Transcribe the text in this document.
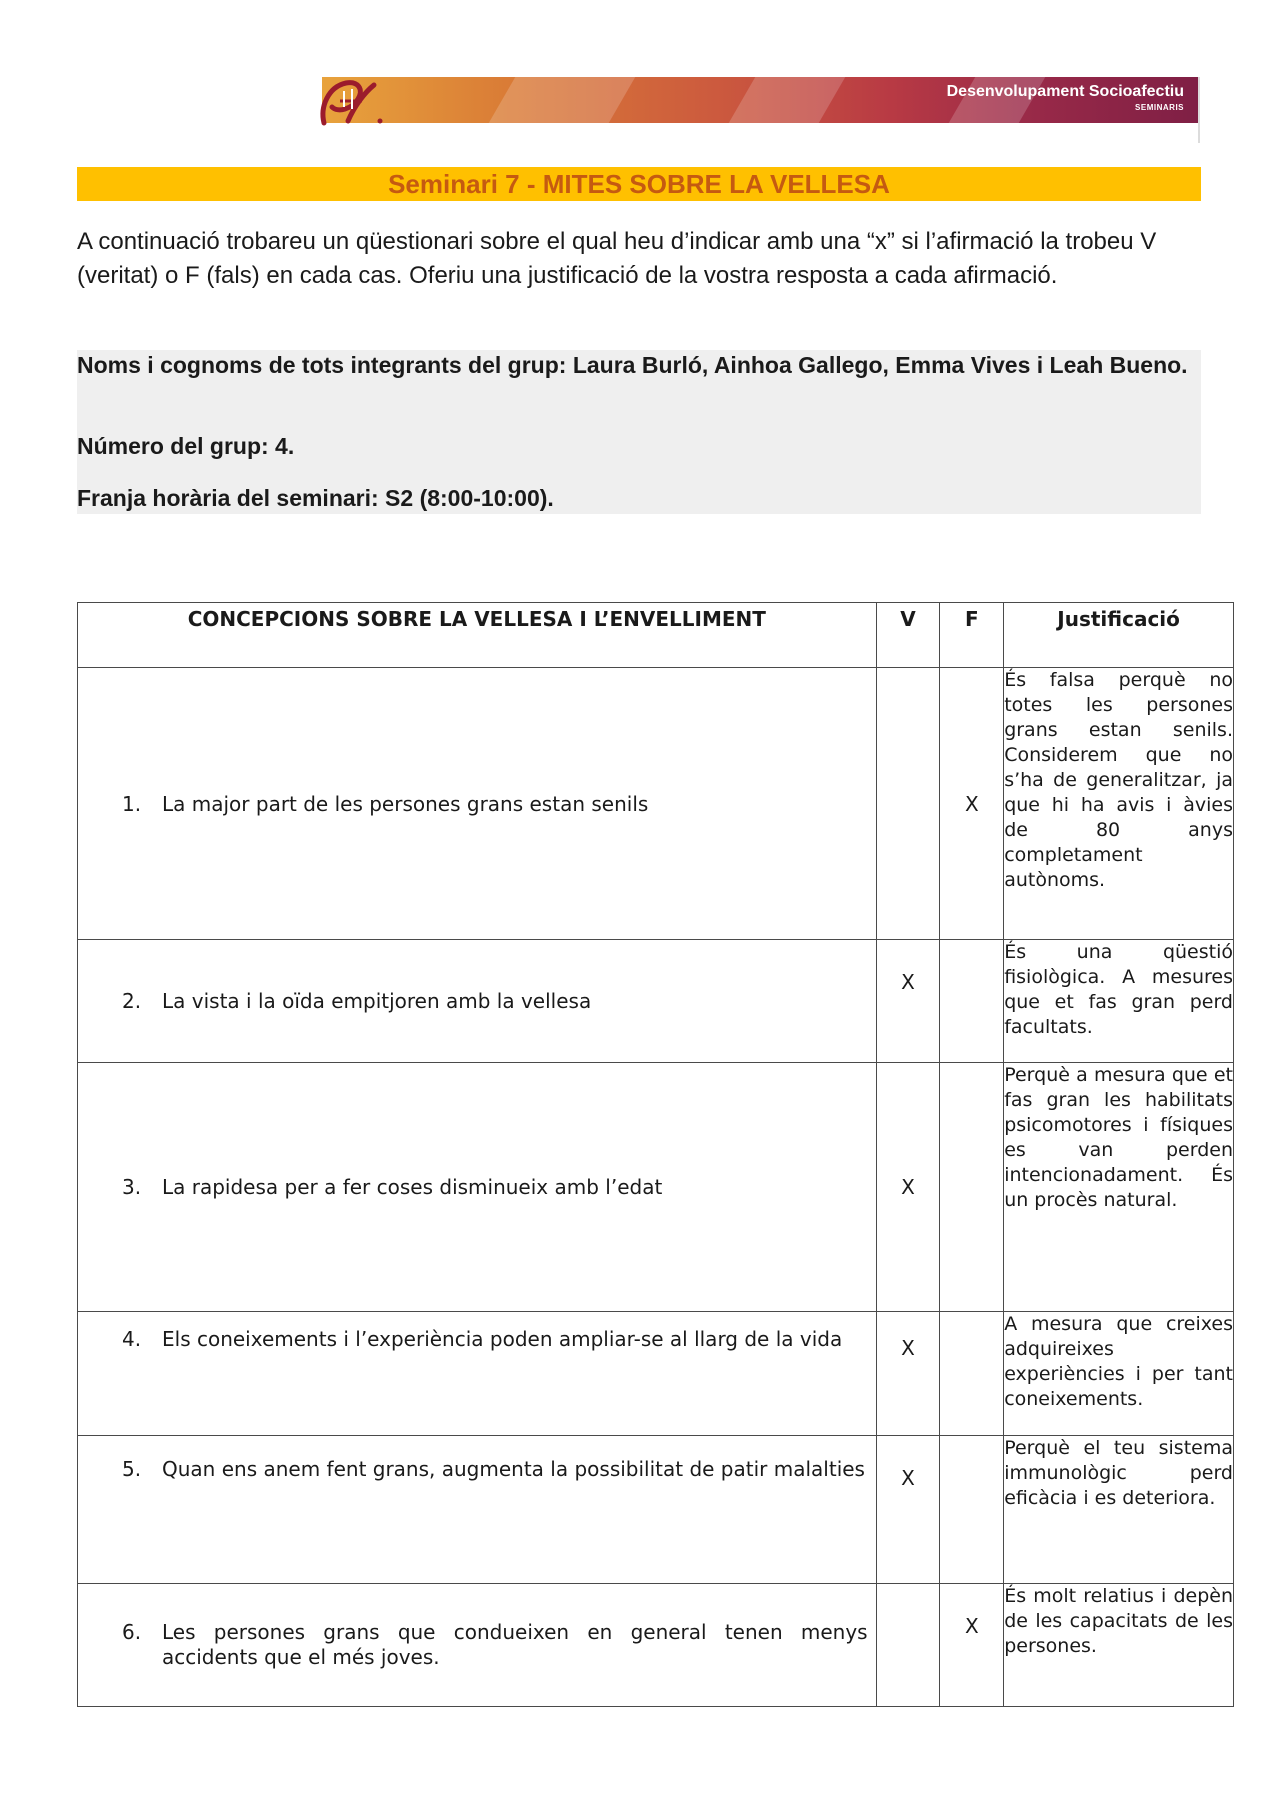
Desenvolupament Socioafectiu
SEMINARIS
Seminari 7 - MITES SOBRE LA VELLESA
A continuació trobareu un qüestionari sobre el qual heu d’indicar amb una “x” si l’afirmació la trobeu V (veritat) o F (fals) en cada cas. Oferiu una justificació de la vostra resposta a cada afirmació.
Noms i cognoms de tots integrants del grup: Laura Burló, Ainhoa Gallego, Emma Vives i Leah Bueno.
Número del grup: 4.
Franja horària del seminari: S2 (8:00-10:00).
CONCEPCIONS SOBRE LA VELLESA I L’ENVELLIMENT	V	F	Justificació

1. La major part de les persones grans estan senils		X	És falsa perquè no totes les persones grans estan senils. Considerem que no s’ha de generalitzar, ja que hi ha avis i àvies de 80 anys completament autònoms.

2. La vista i la oïda empitjoren amb la vellesa	X		És una qüestió fisiològica. A mesures que et fas gran perd facultats.

3. La rapidesa per a fer coses disminueix amb l’edat	X		Perquè a mesura que et fas gran les habilitats psicomotores i físiques es van perden intencionadament. És un procès natural.

4. Els coneixements i l’experiència poden ampliar-se al llarg de la vida	X		A mesura que creixes adquireixes experiències i per tant coneixements.

5. Quan ens anem fent grans, augmenta la possibilitat de patir malalties	X		Perquè el teu sistema immunològic perd eficàcia i es deteriora.

6. Les persones grans que condueixen en general tenen menys accidents que el més joves.		X	És molt relatius i depèn de les capacitats de les persones.
